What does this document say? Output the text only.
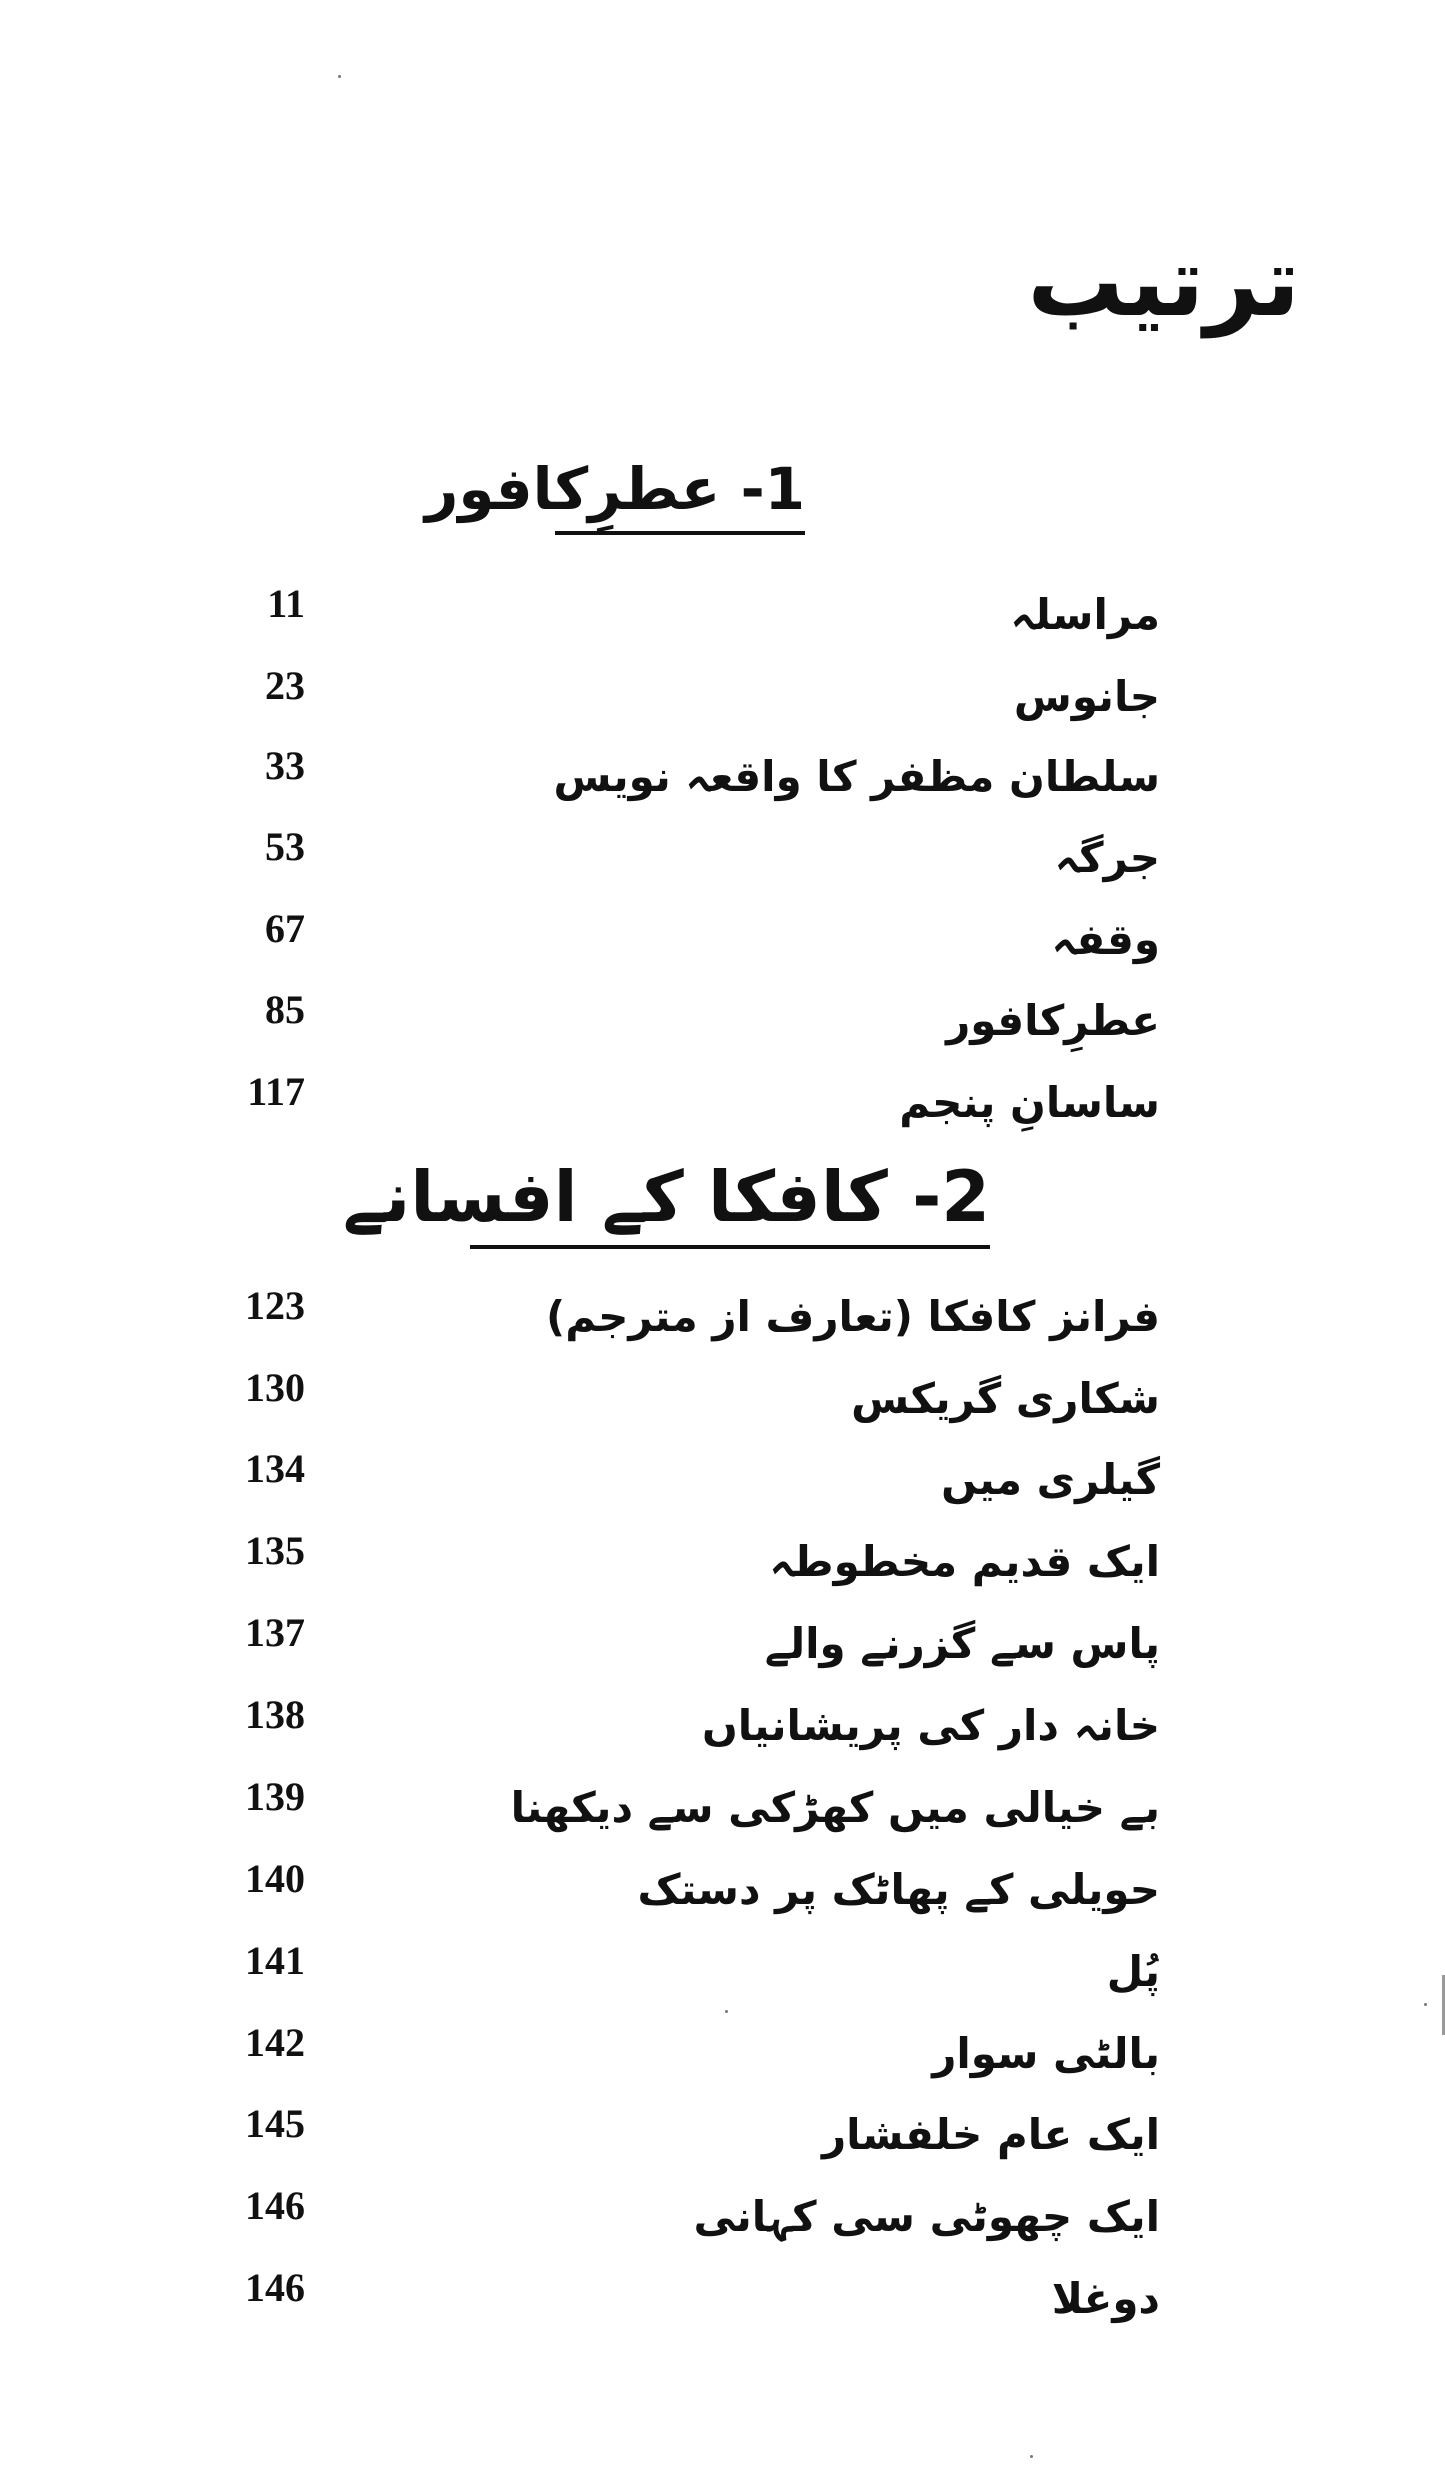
ترتیب
1- عطرِکافور
مراسلہ
11
جانوس
23
سلطان مظفر کا واقعہ نویس
33
جرگہ
53
وقفہ
67
عطرِکافور
85
ساسانِ پنجم
117
2- کافکا کے افسانے
فرانز کافکا (تعارف از مترجم)
123
شکاری گریکس
130
گیلری میں
134
ایک قدیم مخطوطہ
135
پاس سے گزرنے والے
137
خانہ دار کی پریشانیاں
138
بے خیالی میں کھڑکی سے دیکھنا
139
حویلی کے پھاٹک پر دستک
140
پُل
141
بالٹی سوار
142
ایک عام خلفشار
145
ایک چھوٹی سی کہانی
146
دوغلا
146
